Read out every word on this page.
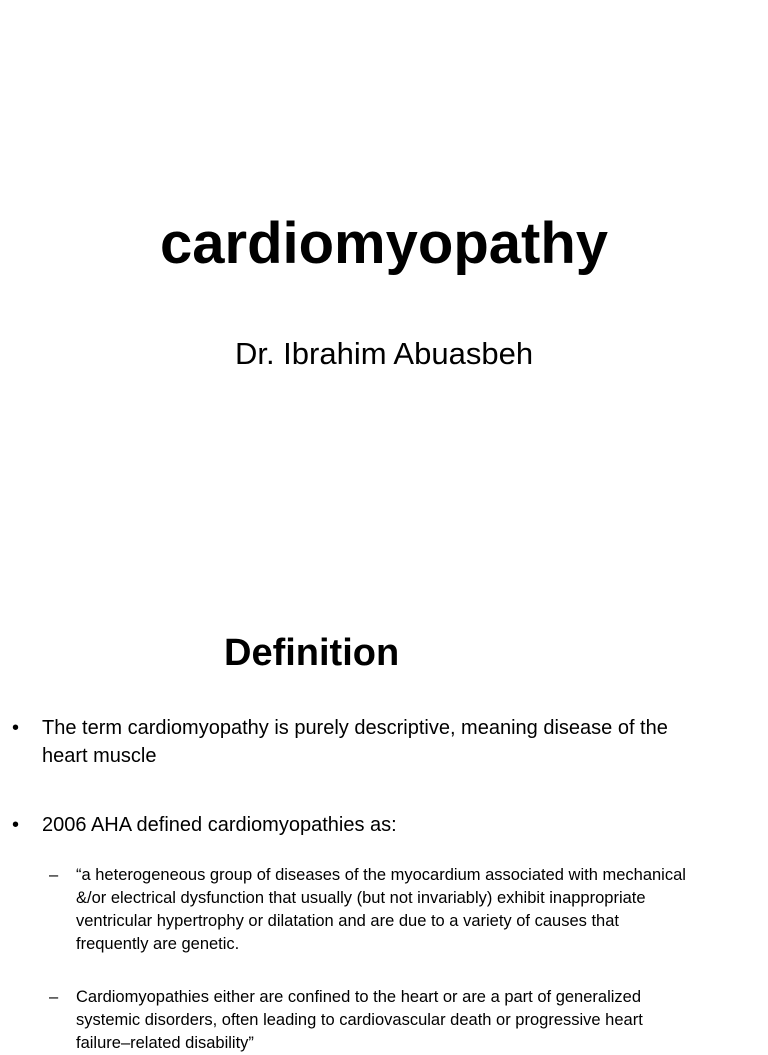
cardiomyopathy
Dr. Ibrahim Abuasbeh
Definition
• The term cardiomyopathy is purely descriptive, meaning disease of the heart muscle
• 2006 AHA defined cardiomyopathies as:
– “a heterogeneous group of diseases of the myocardium associated with mechanical &/or electrical dysfunction that usually (but not invariably) exhibit inappropriate ventricular hypertrophy or dilatation and are due to a variety of causes that frequently are genetic.
– Cardiomyopathies either are confined to the heart or are a part of generalized systemic disorders, often leading to cardiovascular death or progressive heart failure–related disability”
